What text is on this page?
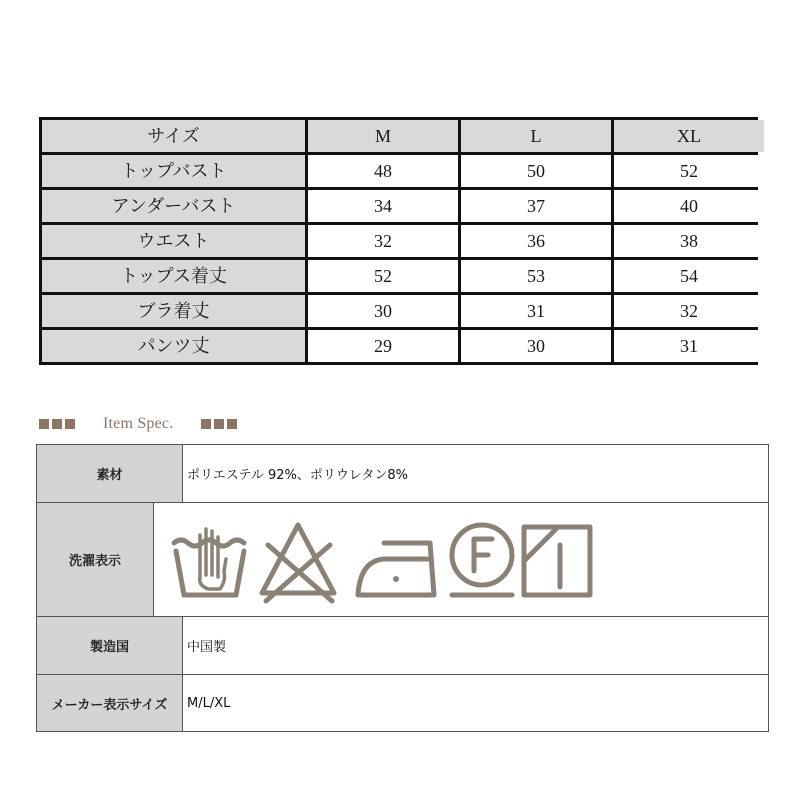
サイズ	M	L	XL
トップバスト	48	50	52
アンダーバスト	34	37	40
ウエスト	32	36	38
トップス着丈	52	53	54
ブラ着丈	30	31	32
パンツ丈	29	30	31
Item Spec.
素材	ポリエステル 92%、ポリウレタン8%
洗濯表示
製造国	中国製
メーカー表示サイズ	M/L/XL
